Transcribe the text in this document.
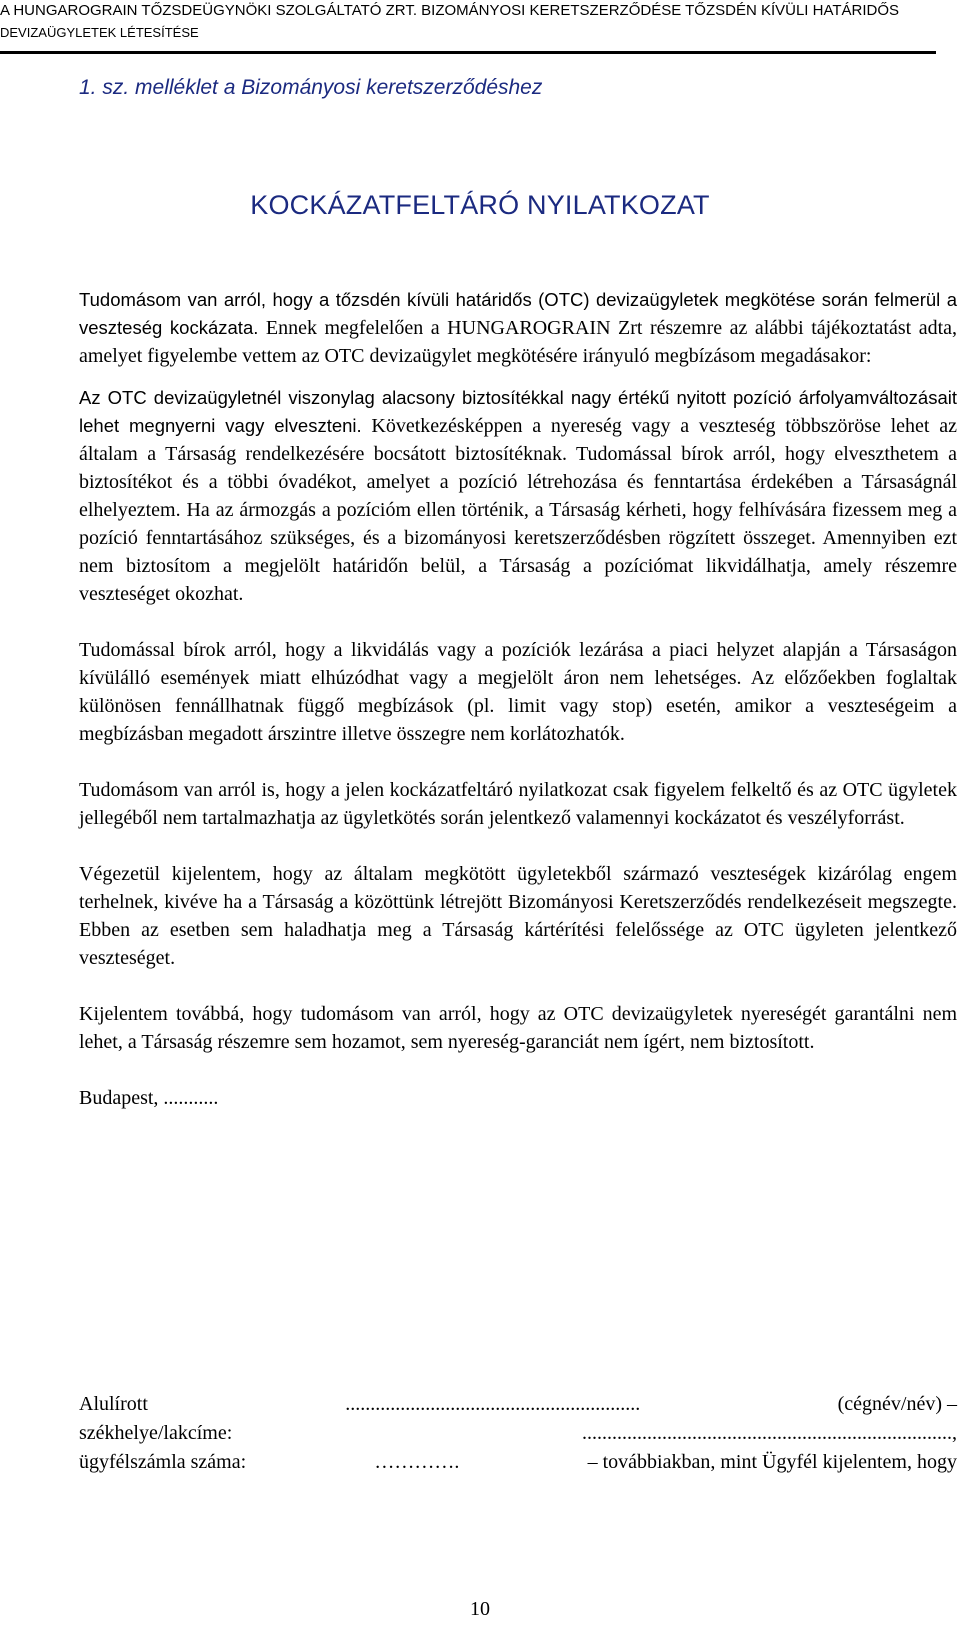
A HUNGAROGRAIN TŐZSDEÜGYNÖKI SZOLGÁLTATÓ ZRT. BIZOMÁNYOSI KERETSZERZŐDÉSE TŐZSDÉN KÍVÜLI HATÁRIDŐS
DEVIZAÜGYLETEK LÉTESÍTÉSE
1. sz. melléklet a Bizományosi keretszerződéshez
KOCKÁZATFELTÁRÓ NYILATKOZAT

Tudomásom van arról, hogy a tőzsdén kívüli határidős (OTC) devizaügyletek megkötése során felmerül a veszteség kockázata. Ennek megfelelően a HUNGAROGRAIN Zrt részemre az alábbi tájékoztatást adta, amelyet figyelembe vettem az OTC devizaügylet megkötésére irányuló megbízásom megadásakor:

Az OTC devizaügyletnél viszonylag alacsony biztosítékkal nagy értékű nyitott pozíció árfolyamváltozásait lehet megnyerni vagy elveszteni. Következésképpen a nyereség vagy a veszteség többszöröse lehet az általam a Társaság rendelkezésére bocsátott biztosítéknak. Tudomással bírok arról, hogy elveszthetem a biztosítékot és a többi óvadékot, amelyet a pozíció létrehozása és fenntartása érdekében a Társaságnál elhelyeztem. Ha az ármozgás a pozícióm ellen történik, a Társaság kérheti, hogy felhívására fizessem meg a pozíció fenntartásához szükséges, és a bizományosi keretszerződésben rögzített összeget. Amennyiben ezt nem biztosítom a megjelölt határidőn belül, a Társaság a pozíciómat likvidálhatja, amely részemre veszteséget okozhat.

Tudomással bírok arról, hogy a likvidálás vagy a pozíciók lezárása a piaci helyzet alapján a Társaságon kívülálló események miatt elhúzódhat vagy a megjelölt áron nem lehetséges. Az előzőekben foglaltak különösen fennállhatnak függő megbízások (pl. limit vagy stop) esetén, amikor a veszteségeim a megbízásban megadott árszintre illetve összegre nem korlátozhatók.

Tudomásom van arról is, hogy a jelen kockázatfeltáró nyilatkozat csak figyelem felkeltő és az OTC ügyletek jellegéből nem tartalmazhatja az ügyletkötés során jelentkező valamennyi kockázatot és veszélyforrást.

Végezetül kijelentem, hogy az általam megkötött ügyletekből származó veszteségek kizárólag engem terhelnek, kivéve ha a Társaság a közöttünk létrejött Bizományosi Keretszerződés rendelkezéseit megszegte. Ebben az esetben sem haladhatja meg a Társaság kártérítési felelőssége az OTC ügyleten jelentkező veszteséget.

Kijelentem továbbá, hogy tudomásom van arról, hogy az OTC devizaügyletek nyereségét garantálni nem lehet, a Társaság részemre sem hozamot, sem nyereség-garanciát nem ígért, nem biztosított.

Budapest, ...........

Alulírott	...........................................................	(cégnév/név) –
székhelye/lakcíme:	..........................................................................,
ügyfélszámla száma:	………….	– továbbiakban, mint Ügyfél kijelentem, hogy
10
